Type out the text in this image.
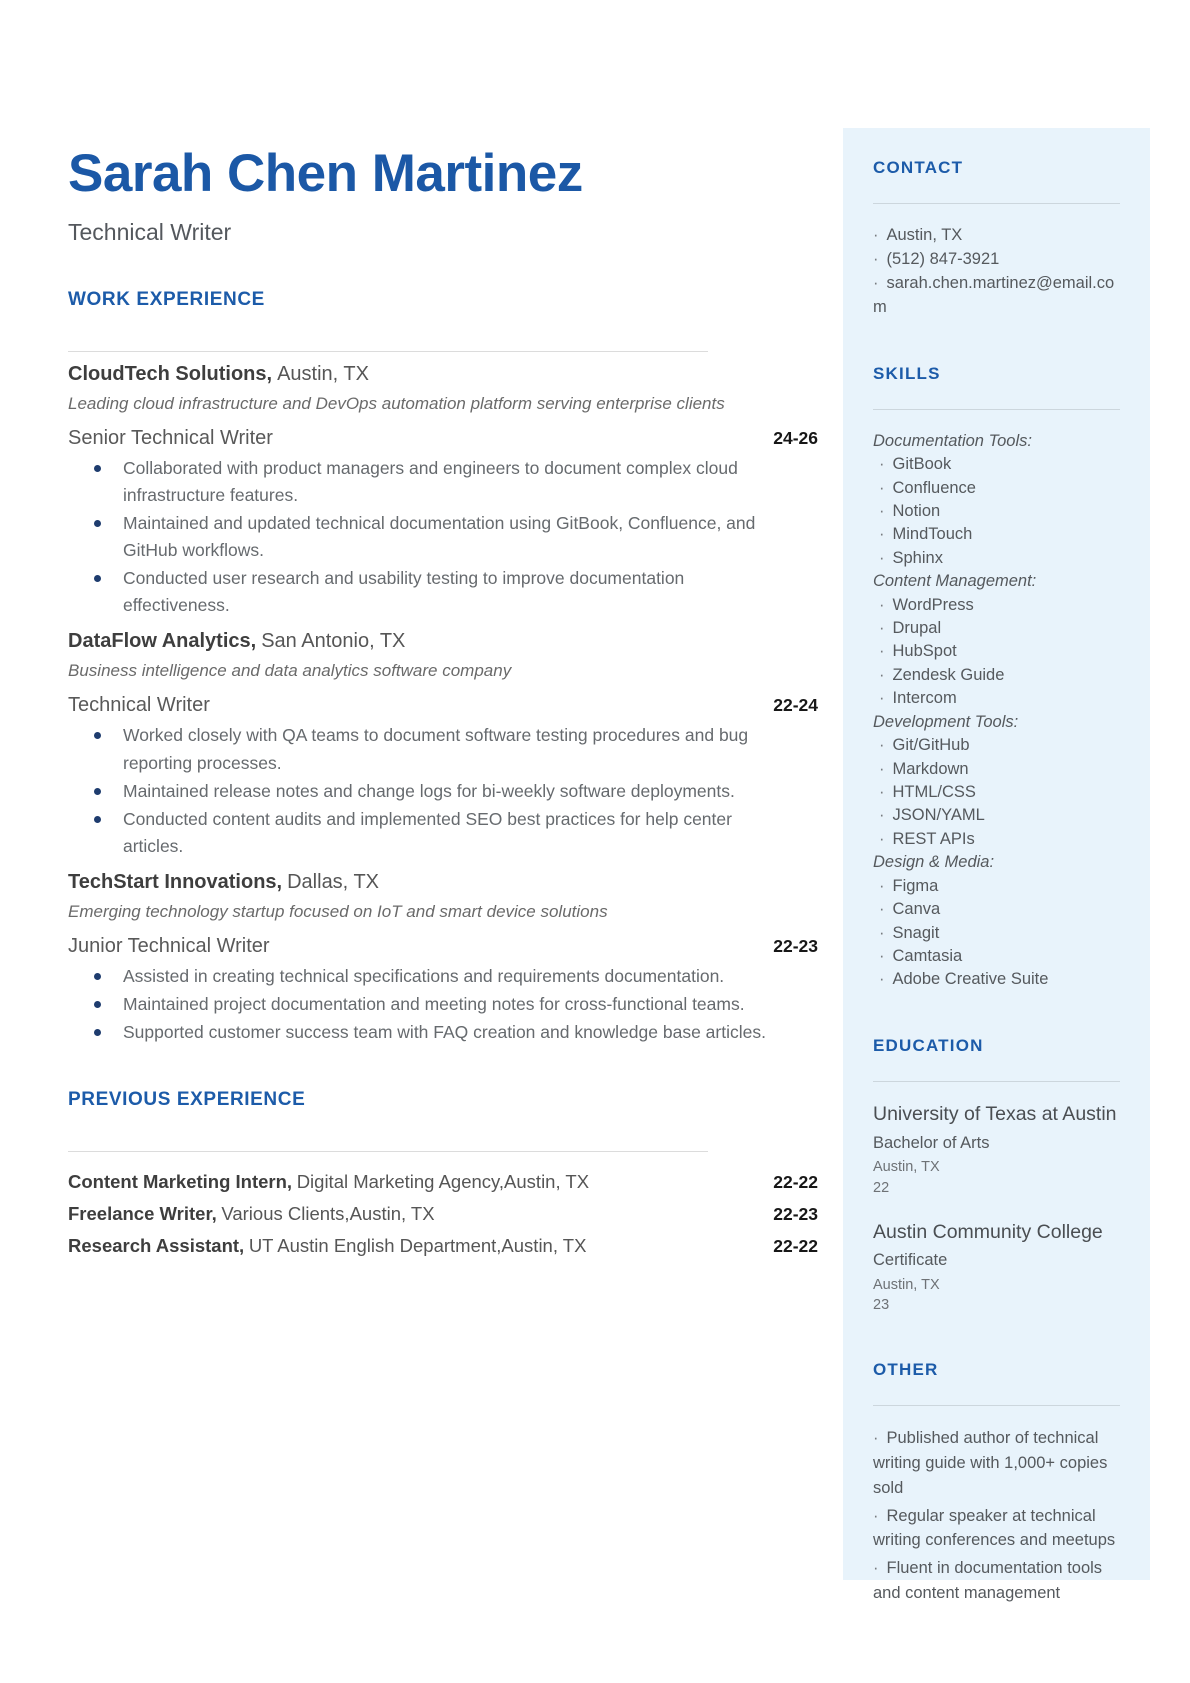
Sarah Chen Martinez
Technical Writer
WORK EXPERIENCE
CloudTech Solutions, Austin, TX
Leading cloud infrastructure and DevOps automation platform serving enterprise clients
Senior Technical Writer	24-26
Collaborated with product managers and engineers to document complex cloud infrastructure features.
Maintained and updated technical documentation using GitBook, Confluence, and GitHub workflows.
Conducted user research and usability testing to improve documentation effectiveness.
DataFlow Analytics, San Antonio, TX
Business intelligence and data analytics software company
Technical Writer	22-24
Worked closely with QA teams to document software testing procedures and bug reporting processes.
Maintained release notes and change logs for bi-weekly software deployments.
Conducted content audits and implemented SEO best practices for help center articles.
TechStart Innovations, Dallas, TX
Emerging technology startup focused on IoT and smart device solutions
Junior Technical Writer	22-23
Assisted in creating technical specifications and requirements documentation.
Maintained project documentation and meeting notes for cross-functional teams.
Supported customer success team with FAQ creation and knowledge base articles.
PREVIOUS EXPERIENCE
Content Marketing Intern, Digital Marketing Agency,Austin, TX	22-22
Freelance Writer, Various Clients,Austin, TX	22-23
Research Assistant, UT Austin English Department,Austin, TX	22-22
CONTACT
· Austin, TX
· (512) 847-3921
· sarah.chen.martinez@email.com
SKILLS
Documentation Tools:
· GitBook
· Confluence
· Notion
· MindTouch
· Sphinx
Content Management:
· WordPress
· Drupal
· HubSpot
· Zendesk Guide
· Intercom
Development Tools:
· Git/GitHub
· Markdown
· HTML/CSS
· JSON/YAML
· REST APIs
Design & Media:
· Figma
· Canva
· Snagit
· Camtasia
· Adobe Creative Suite
EDUCATION
University of Texas at Austin
Bachelor of Arts
Austin, TX
22
Austin Community College
Certificate
Austin, TX
23
OTHER
· Published author of technical writing guide with 1,000+ copies sold
· Regular speaker at technical writing conferences and meetups
· Fluent in documentation tools and content management
